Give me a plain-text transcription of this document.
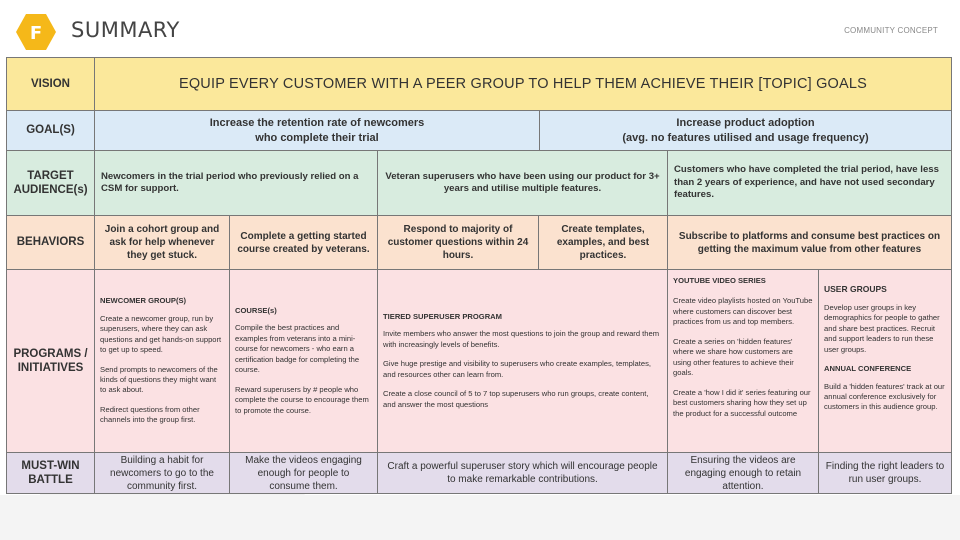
F SUMMARY	COMMUNITY CONCEPT
VISION	EQUIP EVERY CUSTOMER WITH A PEER GROUP TO HELP THEM ACHIEVE THEIR [TOPIC] GOALS
GOAL(S)
Increase the retention rate of newcomers
who complete their trial
Increase product adoption
(avg. no features utilised and usage frequency)
TARGET
AUDIENCE(s)
Newcomers in the trial period who previously relied on a CSM for support.
Veteran superusers who have been using our product for 3+ years and utilise multiple features.
Customers who have completed the trial period, have less than 2 years of experience, and have not used secondary features.
BEHAVIORS
Join a cohort group and ask for help whenever they get stuck.
Complete a getting started course created by veterans.
Respond to majority of customer questions within 24 hours.
Create templates, examples, and best practices.
Subscribe to platforms and consume best practices on getting the maximum value from other features
PROGRAMS /
INITIATIVES
NEWCOMER GROUP(S)

Create a newcomer group, run by superusers, where they can ask questions and get hands-on support to get up to speed.

Send prompts to newcomers of the kinds of questions they might want to ask about.

Redirect questions from other channels into the group first.

COURSE(s)

Compile the best practices and examples from veterans into a mini-course for newcomers - who earn a certification badge for completing the course.

Reward superusers by # people who complete the course to encourage them to promote the course.

TIERED SUPERUSER PROGRAM

Invite members who answer the most questions to join the group and reward them with increasingly levels of benefits.

Give huge prestige and visibility to superusers who create examples, templates, and resources other can learn from.

Create a close council of 5 to 7 top superusers who run groups, create content, and answer the most questions

YOUTUBE VIDEO SERIES

Create video playlists hosted on YouTube where customers can discover best practices from us and top members.

Create a series on 'hidden features' where we share how customers are using other features to achieve their goals.

Create a 'how I did it' series featuring our best customers sharing how they set up the product for a successful outcome

USER GROUPS

Develop user groups in key demographics for people to gather and share best practices. Recruit and support leaders to run these user groups.

ANNUAL CONFERENCE

Build a 'hidden features' track at our annual conference exclusively for customers in this audience group.

MUST-WIN
BATTLE
Building a habit for newcomers to go to the community first.
Make the videos engaging enough for people to consume them.
Craft a powerful superuser story which will encourage people to make remarkable contributions.
Ensuring the videos are engaging enough to retain attention.
Finding the right leaders to run user groups.
